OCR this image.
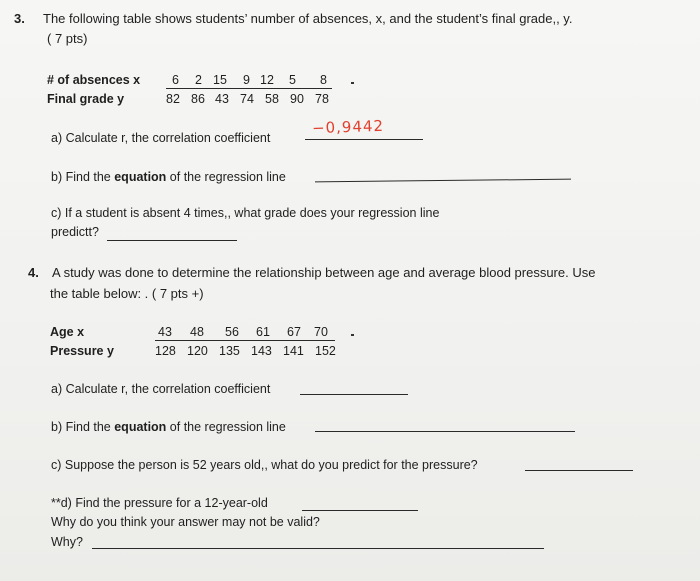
3. The following table shows students’ number of absences, x, and the student’s final grade,, y.
( 7 pts)
# of absences x
Final grade y
6 2 15 9 12 5 8
82 86 43 74 58 90 78
a) Calculate r, the correlation coefficient
−0,9442
b) Find the equation of the regression line
c) If a student is absent 4 times,, what grade does your regression line
predictt?
4. A study was done to determine the relationship between age and average blood pressure. Use
the table below: . ( 7 pts +)
Age x
Pressure y
43 48 56 61 67 70
128 120 135 143 141 152
a) Calculate r, the correlation coefficient
b) Find the equation of the regression line
c) Suppose the person is 52 years old,, what do you predict for the pressure?
**d) Find the pressure for a 12-year-old
Why do you think your answer may not be valid?
Why?
